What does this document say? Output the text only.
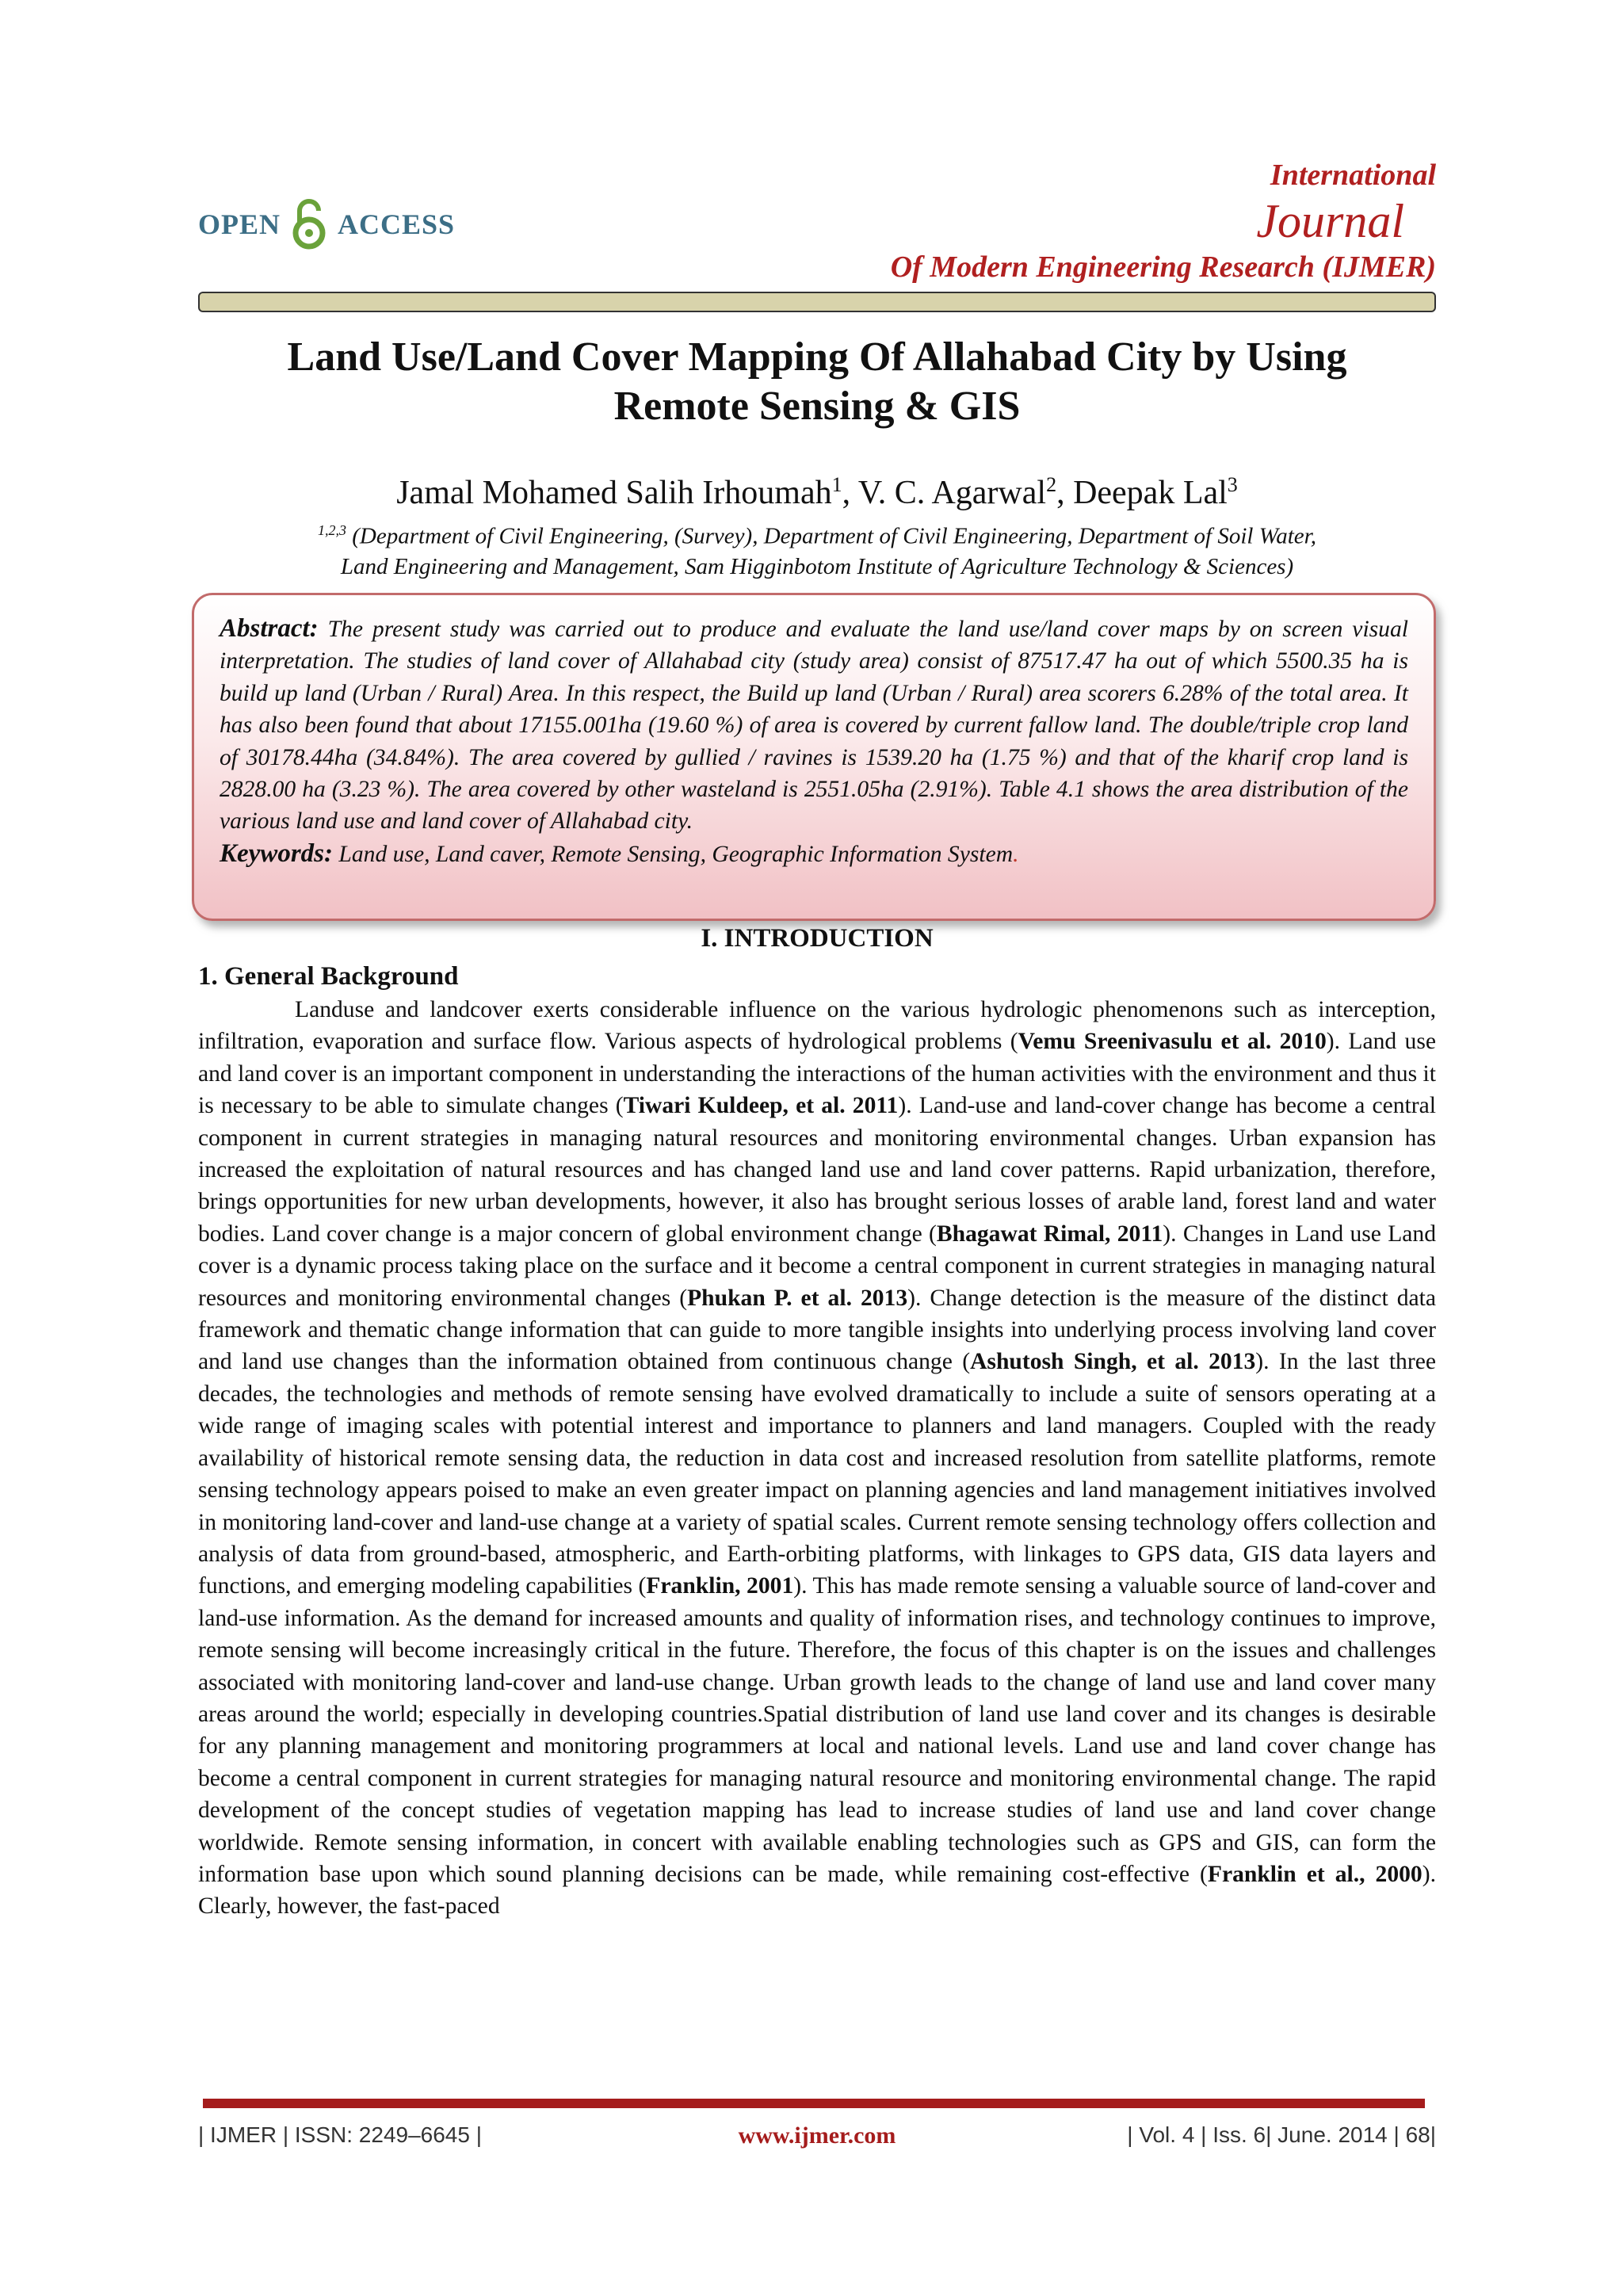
OPEN ACCESS
International
Journal
Of Modern Engineering Research (IJMER)
Land Use/Land Cover Mapping Of Allahabad City by Using
Remote Sensing & GIS
Jamal Mohamed Salih Irhoumah$^1$, V. C. Agarwal$^2$, Deepak Lal$^3$
$^{1,2,3}$ (Department of Civil Engineering, (Survey), Department of Civil Engineering, Department of Soil Water,
Land Engineering and Management, Sam Higginbotom Institute of Agriculture Technology & Sciences)
Abstract: The present study was carried out to produce and evaluate the land use/land cover maps by on screen visual interpretation. The studies of land cover of Allahabad city (study area) consist of 87517.47 ha out of which 5500.35 ha is build up land (Urban / Rural) Area. In this respect, the Build up land (Urban / Rural) area scorers 6.28% of the total area. It has also been found that about 17155.001ha (19.60 %) of area is covered by current fallow land. The double/triple crop land of 30178.44ha (34.84%). The area covered by gullied / ravines is 1539.20 ha (1.75 %) and that of the kharif crop land is 2828.00 ha (3.23 %). The area covered by other wasteland is 2551.05ha (2.91%). Table 4.1 shows the area distribution of the various land use and land cover of Allahabad city.
Keywords: Land use, Land caver, Remote Sensing, Geographic Information System.
I. INTRODUCTION
1. General Background

Landuse and landcover exerts considerable influence on the various hydrologic phenomenons such as interception, infiltration, evaporation and surface flow. Various aspects of hydrological problems (Vemu Sreenivasulu et al. 2010). Land use and land cover is an important component in understanding the interactions of the human activities with the environment and thus it is necessary to be able to simulate changes (Tiwari Kuldeep, et al. 2011). Land-use and land-cover change has become a central component in current strategies in managing natural resources and monitoring environmental changes. Urban expansion has increased the exploitation of natural resources and has changed land use and land cover patterns. Rapid urbanization, therefore, brings opportunities for new urban developments, however, it also has brought serious losses of arable land, forest land and water bodies. Land cover change is a major concern of global environment change (Bhagawat Rimal, 2011). Changes in Land use Land cover is a dynamic process taking place on the surface and it become a central component in current strategies in managing natural resources and monitoring environmental changes (Phukan P. et al. 2013). Change detection is the measure of the distinct data framework and thematic change information that can guide to more tangible insights into underlying process involving land cover and land use changes than the information obtained from continuous change (Ashutosh Singh, et al. 2013). In the last three decades, the technologies and methods of remote sensing have evolved dramatically to include a suite of sensors operating at a wide range of imaging scales with potential interest and importance to planners and land managers. Coupled with the ready availability of historical remote sensing data, the reduction in data cost and increased resolution from satellite platforms, remote sensing technology appears poised to make an even greater impact on planning agencies and land management initiatives involved in monitoring land-cover and land-use change at a variety of spatial scales. Current remote sensing technology offers collection and analysis of data from ground-based, atmospheric, and Earth-orbiting platforms, with linkages to GPS data, GIS data layers and functions, and emerging modeling capabilities (Franklin, 2001). This has made remote sensing a valuable source of land-cover and land-use information. As the demand for increased amounts and quality of information rises, and technology continues to improve, remote sensing will become increasingly critical in the future. Therefore, the focus of this chapter is on the issues and challenges associated with monitoring land-cover and land-use change. Urban growth leads to the change of land use and land cover many areas around the world; especially in developing countries.Spatial distribution of land use land cover and its changes is desirable for any planning management and monitoring programmers at local and national levels. Land use and land cover change has become a central component in current strategies for managing natural resource and monitoring environmental change. The rapid development of the concept studies of vegetation mapping has lead to increase studies of land use and land cover change worldwide. Remote sensing information, in concert with available enabling technologies such as GPS and GIS, can form the information base upon which sound planning decisions can be made, while remaining cost-effective (Franklin et al., 2000). Clearly, however, the fast-paced

| IJMER | ISSN: 2249–6645 |	www.ijmer.com	| Vol. 4 | Iss. 6| June. 2014 | 68|
